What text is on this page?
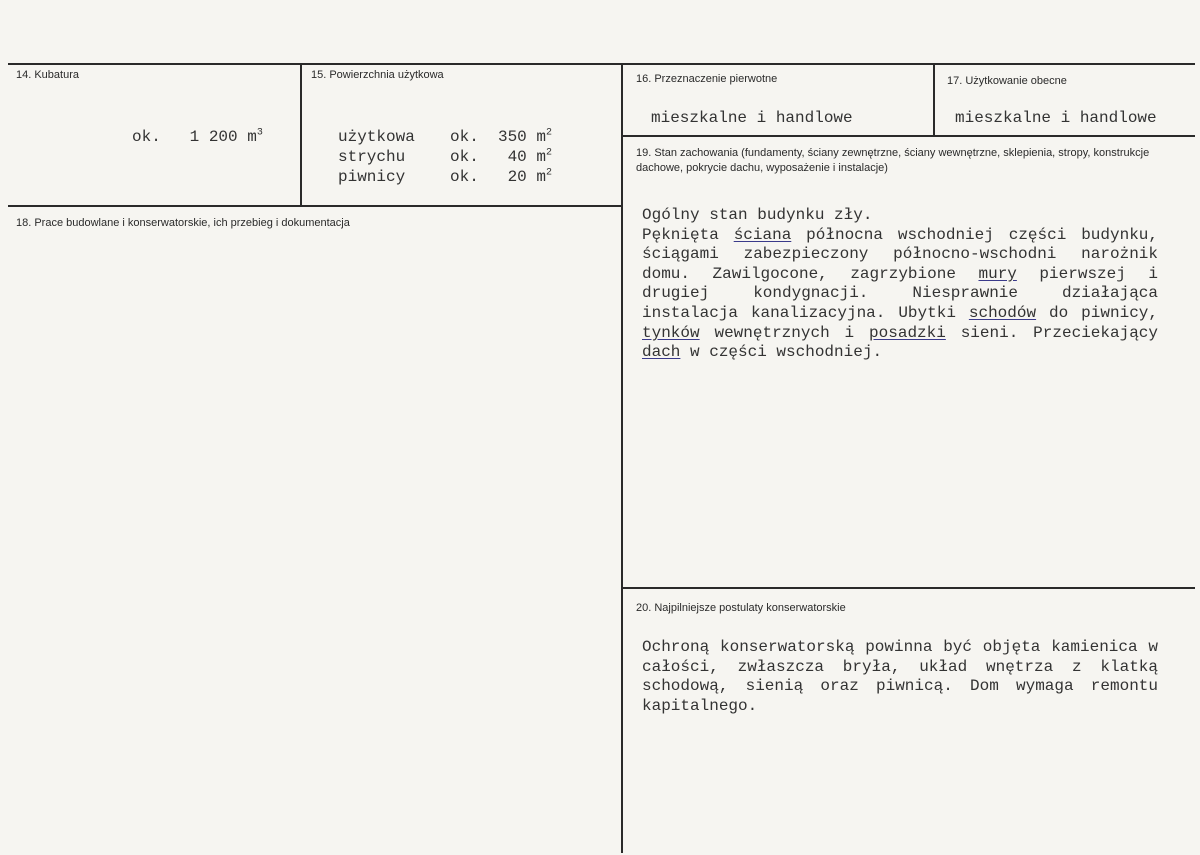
14. Kubatura
ok. 1 200 $m^3$
15. Powierzchnia użytkowa
użytkowa	ok.	350 $m^2$
strychu	ok.	40 $m^2$
piwnicy	ok.	20 $m^2$
16. Przeznaczenie pierwotne
mieszkalne i handlowe
17. Użytkowanie obecne
mieszkalne i handlowe
18. Prace budowlane i konserwatorskie, ich przebieg i dokumentacja
19. Stan zachowania (fundamenty, ściany zewnętrzne, ściany wewnętrzne, sklepienia, stropy, konstrukcje dachowe, pokrycie dachu, wyposażenie i instalacje)
Ogólny stan budynku zły.
Pęknięta ściana północna wschodniej części budynku, ściągami zabezpieczony północno-wschodni narożnik domu. Zawilgocone, zagrzybione mury pierwszej i drugiej kondygnacji. Niesprawnie działająca instalacja kanalizacyjna. Ubytki schodów do piwnicy, tynków wewnętrznych i posadzki sieni. Przeciekający dach w części wschodniej.
20. Najpilniejsze postulaty konserwatorskie
Ochroną konserwatorską powinna być objęta kamienica w całości, zwłaszcza bryła, układ wnętrza z klatką schodową, sienią oraz piwnicą. Dom wymaga remontu kapitalnego.
